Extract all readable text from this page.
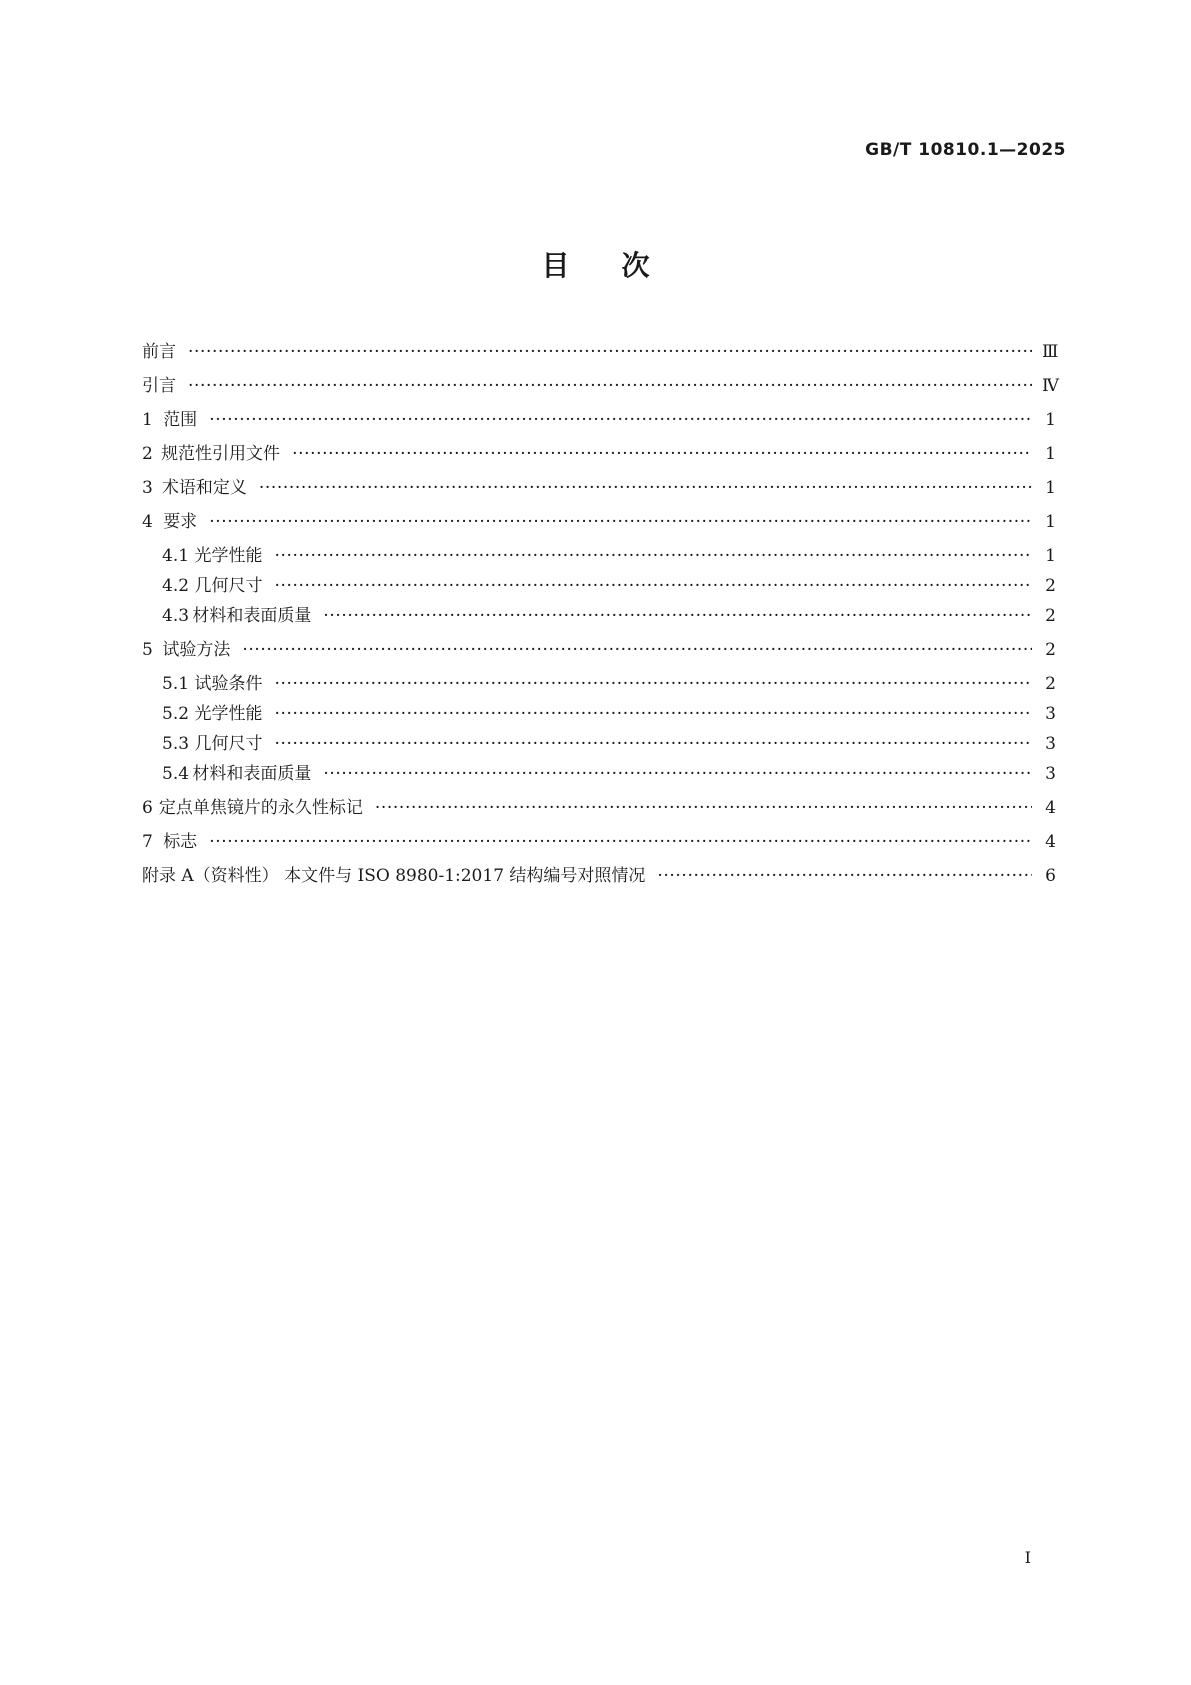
GB/T 10810.1—2025
目次
前言 ·····	Ⅲ
引言 ·····	Ⅳ
1 范围 ·····	1
2 规范性引用文件 ·····	1
3 术语和定义 ·····	1
4 要求 ·····	1
4.1 光学性能 ·····	1
4.2 几何尺寸 ·····	2
4.3 材料和表面质量 ·····	2
5 试验方法 ·····	2
5.1 试验条件 ·····	2
5.2 光学性能 ·····	3
5.3 几何尺寸 ·····	3
5.4 材料和表面质量 ·····	3
6 定点单焦镜片的永久性标记 ·····	4
7 标志 ·····	4
附录 A（资料性） 本文件与 ISO 8980-1:2017 结构编号对照情况 ·····	6
I
